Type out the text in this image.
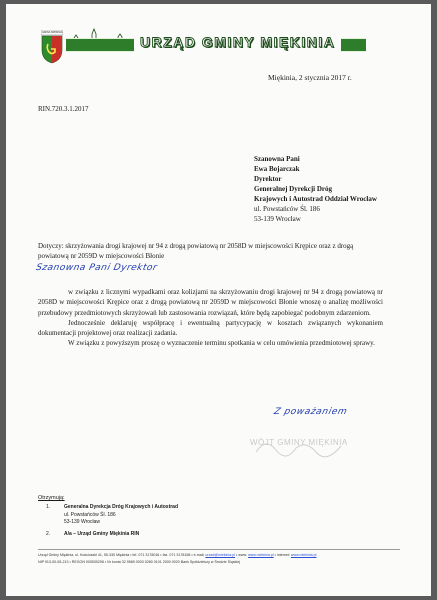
GMINA MIĘKINIA
URZĄD GMINY MIĘKINIA
Miękinia, 2 stycznia 2017 r.
RIN.720.3.1.2017
Szanowna Pani
Ewa Bojarczak
Dyrektor
Generalnej Dyrekcji Dróg
Krajowych i Autostrad Oddział Wrocław
ul. Powstańców Śl. 186
53-139 Wrocław
Dotyczy: skrzyżowania drogi krajowej nr 94 z drogą powiatową nr 2058D w miejscowości Krępice oraz z drogą powiatową nr 2059D w miejscowości Błonie
Szanowna Pani Dyrektor

w związku z licznymi wypadkami oraz kolizjami na skrzyżowaniu drogi krajowej nr 94 z drogą powiatową nr 2058D w miejscowości Krępice oraz z drogą powiatową nr 2059D w miejscowości Błonie wnoszę o analizę możliwości przebudowy przedmiotowych skrzyżowań lub zastosowania rozwiązań, które będą zapobiegać podobnym zdarzeniom.

Jednocześnie deklaruję współpracę i ewentualną partycypację w kosztach związanych wykonaniem dokumentacji projektowej oraz realizacji zadania.

W związku z powyższym proszę o wyznaczenie terminu spotkania w celu omówienia przedmiotowej sprawy.

Z poważaniem
WÓJT GMINY MIĘKINIA
Otrzymują:
1.	Generalna Dyrekcja Dróg Krajowych i Autostrad
ul. Powstańców Śl. 186
53-139 Wrocław
2.	A/a – Urząd Gminy Miękinia RIN
Urząd Gminy Miękinia, ul. Kościuszki 41, 55-330 Miękinia • tel. 071 3178016 • fax. 071 3178158 • e-mail: urzad@miekinia.pl • www: www.miekinia.pl • internet: www.miekinia.pl
NIP 913-00-05-213 • REGON 000530298 • Nr konta 32 9589 0003 0280 0101 2000 0020 Bank Spółdzielczy w Środzie Śląskiej
